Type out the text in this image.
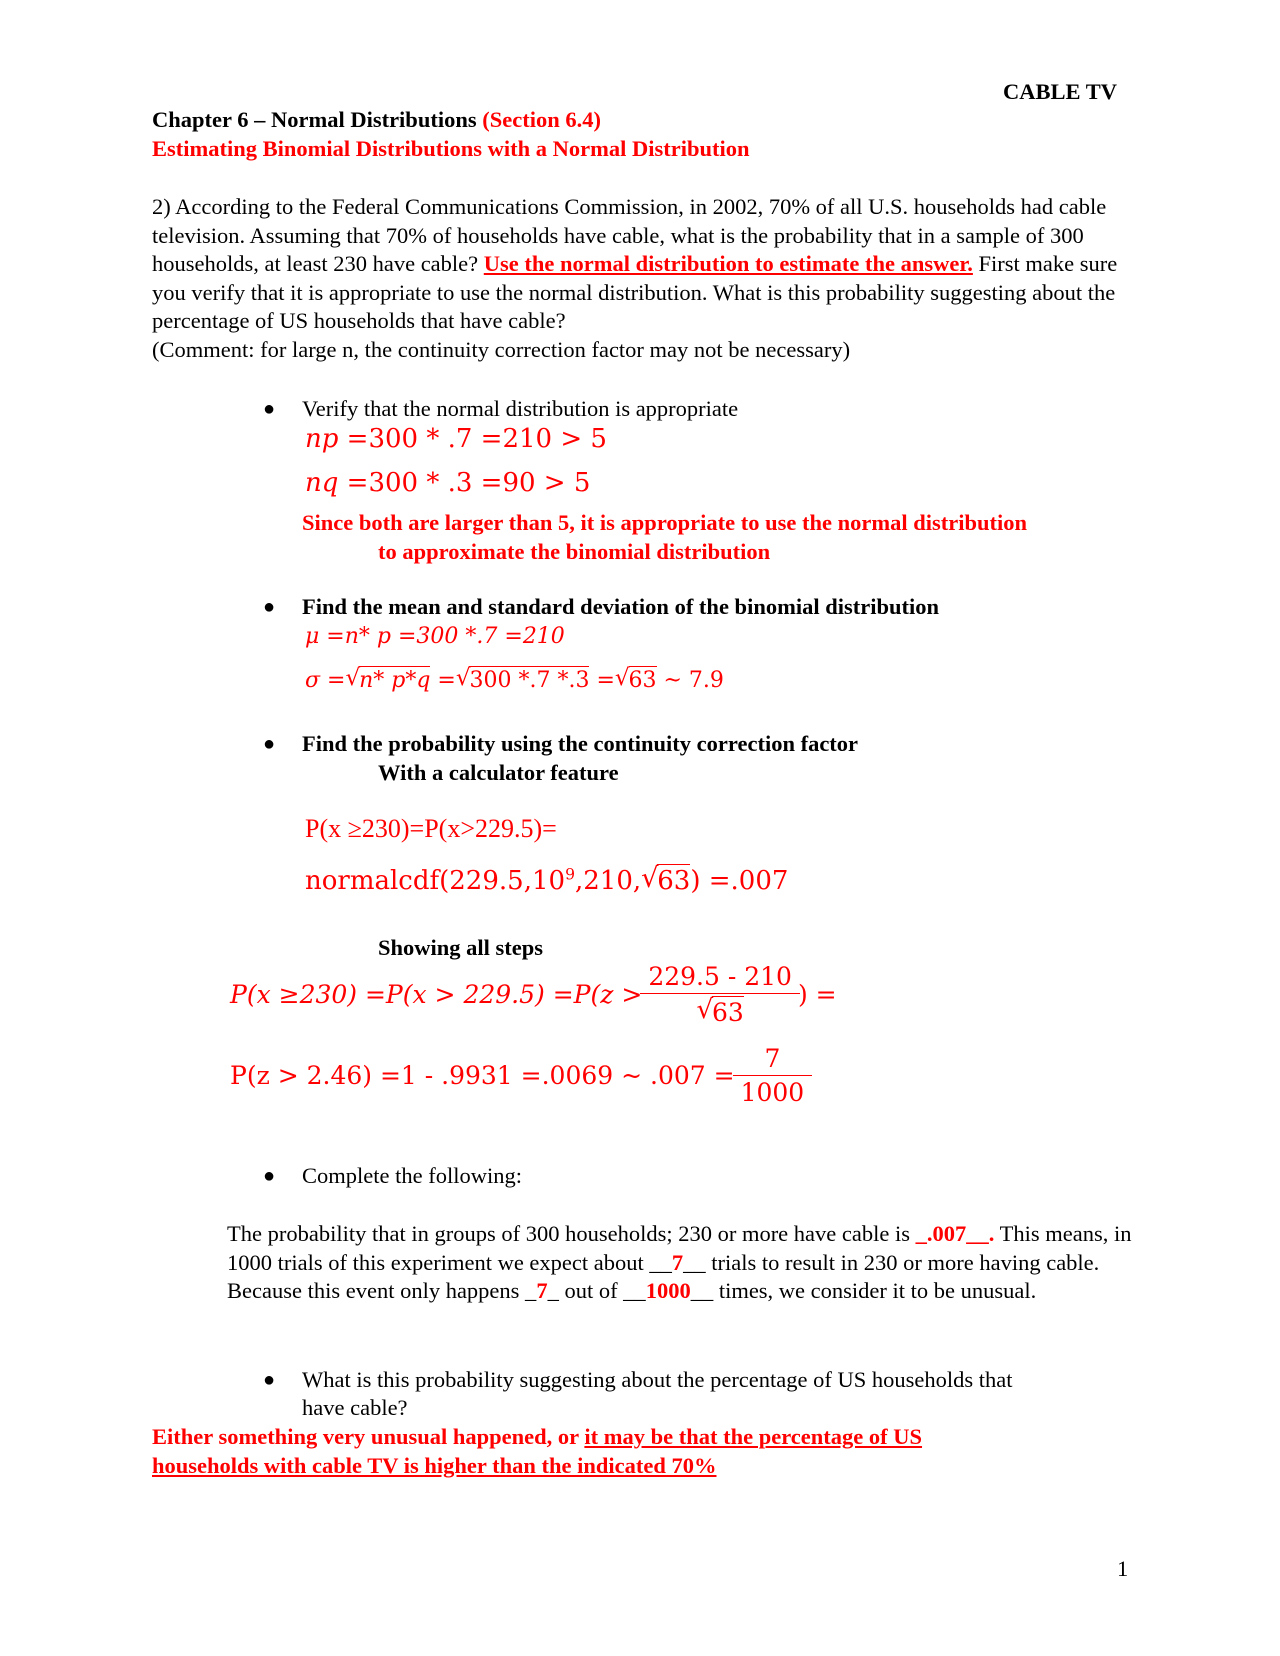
CABLE TV
Chapter 6 – Normal Distributions (Section 6.4)
Estimating Binomial Distributions with a Normal Distribution
2) According to the Federal Communications Commission, in 2002, 70% of all U.S. households had cable television. Assuming that 70% of households have cable, what is the probability that in a sample of 300 households, at least 230 have cable? Use the normal distribution to estimate the answer. First make sure you verify that it is appropriate to use the normal distribution. What is this probability suggesting about the percentage of US households that have cable?
(Comment: for large n, the continuity correction factor may not be necessary)
● Verify that the normal distribution is appropriate
np =300 * .7 =210 > 5
nq =300 * .3 =90 > 5
Since both are larger than 5, it is appropriate to use the normal distribution
to approximate the binomial distribution
● Find the mean and standard deviation of the binomial distribution
μ =n* p =300 *.7 =210
σ = √
n* p*q = √
300 *.7 *.3 = √
63 ~ 7.9
● Find the probability using the continuity correction factor
With a calculator feature
P(x ≥230)=P(x>229.5)=
$normalcdf(229.5,10^9,210$, √
63) =.007
Showing all steps
P(x ≥230) =P(x > 229.5) =P(z > 229.5 - 210
√
63 ) =
P(z > 2.46) =1 - .9931 =.0069 ~ $.007 = \frac{7}{1000}$
● Complete the following:
The probability that in groups of 300 households; 230 or more have cable is _.007__. This means, in 1000 trials of this experiment we expect about __7__ trials to result in 230 or more having cable. Because this event only happens _7_ out of __1000__ times, we consider it to be unusual.
● What is this probability suggesting about the percentage of US households that
have cable?
Either something very unusual happened, or it may be that the percentage of US households with cable TV is higher than the indicated 70%
1
